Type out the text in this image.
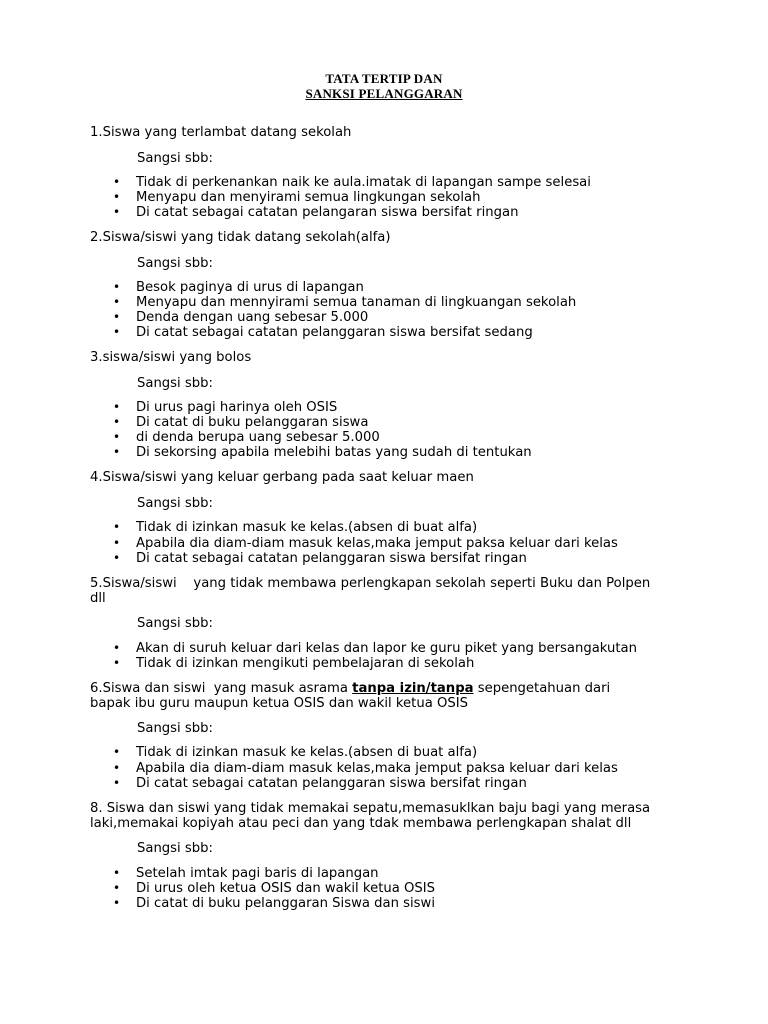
TATA TERTIP DAN
SANKSI PELANGGARAN
1.Siswa yang terlambat datang sekolah
Sangsi sbb:
• Tidak di perkenankan naik ke aula.imatak di lapangan sampe selesai
• Menyapu dan menyirami semua lingkungan sekolah
• Di catat sebagai catatan pelangaran siswa bersifat ringan
2.Siswa/siswi yang tidak datang sekolah(alfa)
Sangsi sbb:
• Besok paginya di urus di lapangan
• Menyapu dan mennyirami semua tanaman di lingkuangan sekolah
• Denda dengan uang sebesar 5.000
• Di catat sebagai catatan pelanggaran siswa bersifat sedang
3.siswa/siswi yang bolos
Sangsi sbb:
• Di urus pagi harinya oleh OSIS
• Di catat di buku pelanggaran siswa
• di denda berupa uang sebesar 5.000
• Di sekorsing apabila melebihi batas yang sudah di tentukan
4.Siswa/siswi yang keluar gerbang pada saat keluar maen
Sangsi sbb:
• Tidak di izinkan masuk ke kelas.(absen di buat alfa)
• Apabila dia diam-diam masuk kelas,maka jemput paksa keluar dari kelas
• Di catat sebagai catatan pelanggaran siswa bersifat ringan
5.Siswa/siswi    yang tidak membawa perlengkapan sekolah seperti Buku dan Polpen
dll
Sangsi sbb:
• Akan di suruh keluar dari kelas dan lapor ke guru piket yang bersangakutan
• Tidak di izinkan mengikuti pembelajaran di sekolah
6.Siswa dan siswi  yang masuk asrama tanpa izin/tanpa sepengetahuan dari
bapak ibu guru maupun ketua OSIS dan wakil ketua OSIS
Sangsi sbb:
• Tidak di izinkan masuk ke kelas.(absen di buat alfa)
• Apabila dia diam-diam masuk kelas,maka jemput paksa keluar dari kelas
• Di catat sebagai catatan pelanggaran siswa bersifat ringan
8. Siswa dan siswi yang tidak memakai sepatu,memasuklkan baju bagi yang merasa
laki,memakai kopiyah atau peci dan yang tdak membawa perlengkapan shalat dll
Sangsi sbb:
• Setelah imtak pagi baris di lapangan
• Di urus oleh ketua OSIS dan wakil ketua OSIS
• Di catat di buku pelanggaran Siswa dan siswi
